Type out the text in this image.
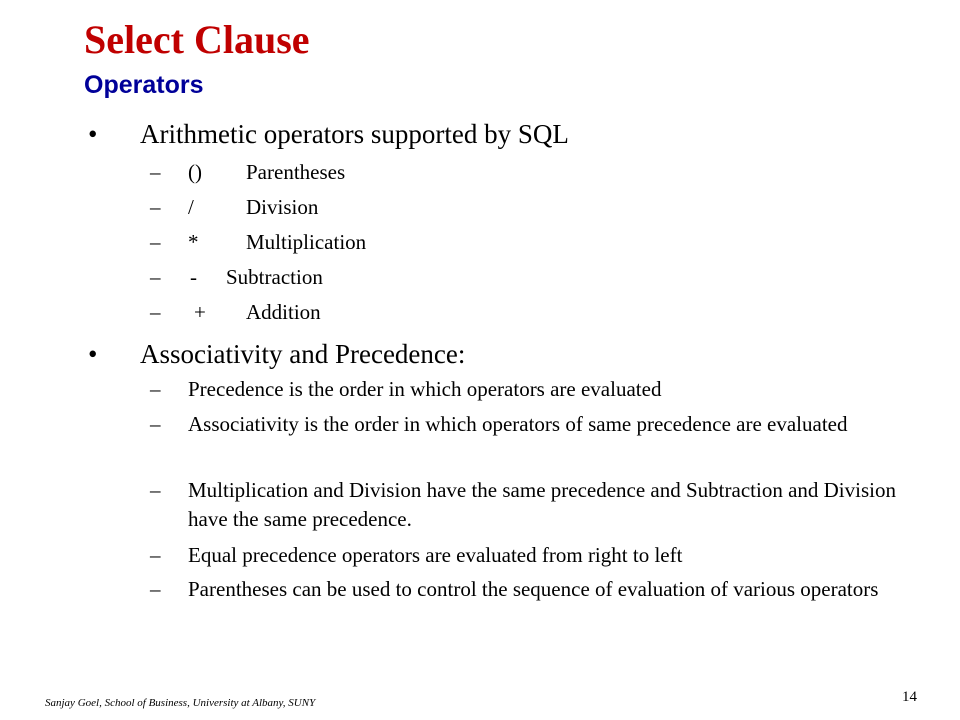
Select Clause
Operators
• Arithmetic operators supported by SQL
– () Parentheses
– / Division
– * Multiplication
– - Subtraction
– + Addition
• Associativity and Precedence:
– Precedence is the order in which operators are evaluated
– Associativity is the order in which operators of same precedence are evaluated
– Multiplication and Division have the same precedence and Subtraction and Division have the same precedence.
– Equal precedence operators are evaluated from right to left
– Parentheses can be used to control the sequence of evaluation of various operators
Sanjay Goel, School of Business, University at Albany, SUNY	14
